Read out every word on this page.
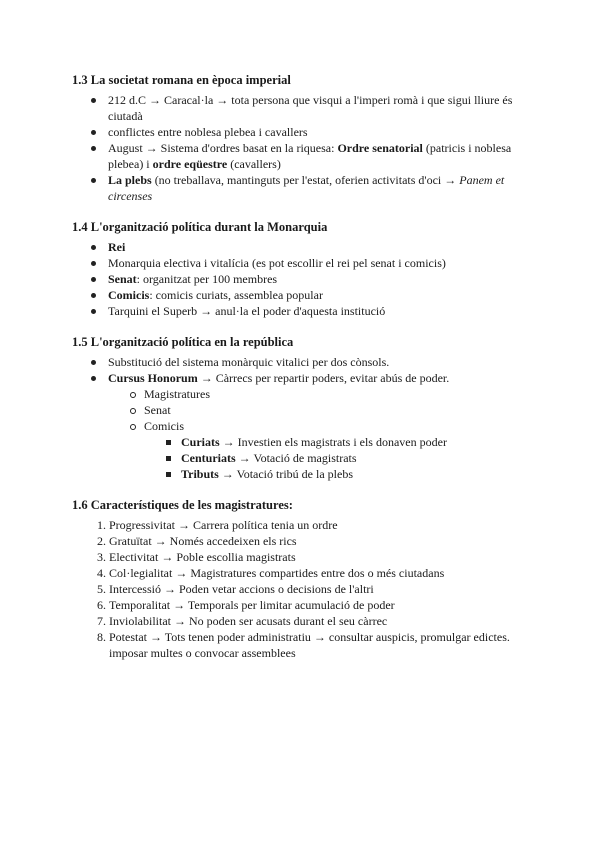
1.3 La societat romana en època imperial
212 d.C → Caracal·la → tota persona que visqui a l'imperi romà i que sigui lliure és ciutadà
conflictes entre noblesa plebea i cavallers
August → Sistema d'ordres basat en la riquesa: Ordre senatorial (patricis i noblesa plebea) i ordre eqüestre (cavallers)
La plebs (no treballava, mantinguts per l'estat, oferien activitats d'oci → Panem et circenses
1.4 L'organització política durant la Monarquia
Rei
Monarquia electiva i vitalícia (es pot escollir el rei pel senat i comicis)
Senat: organitzat per 100 membres
Comicis: comicis curiats, assemblea popular
Tarquini el Superb → anul·la el poder d'aquesta institució
1.5 L'organització política en la república
Substitució del sistema monàrquic vitalici per dos cònsols.
Cursus Honorum → Càrrecs per repartir poders, evitar abús de poder.
Magistratures
Senat
Comicis
Curiats → Investien els magistrats i els donaven poder
Centuriats → Votació de magistrats
Tributs → Votació tribú de la plebs
1.6 Característiques de les magistratures:
1. Progressivitat → Carrera política tenia un ordre
2. Gratuïtat → Només accedeixen els rics
3. Electivitat → Poble escollia magistrats
4. Col·legialitat → Magistratures compartides entre dos o més ciutadans
5. Intercessió → Poden vetar accions o decisions de l'altri
6. Temporalitat → Temporals per limitar acumulació de poder
7. Inviolabilitat → No poden ser acusats durant el seu càrrec
8. Potestat → Tots tenen poder administratiu → consultar auspicis, promulgar edictes. imposar multes o convocar assemblees
